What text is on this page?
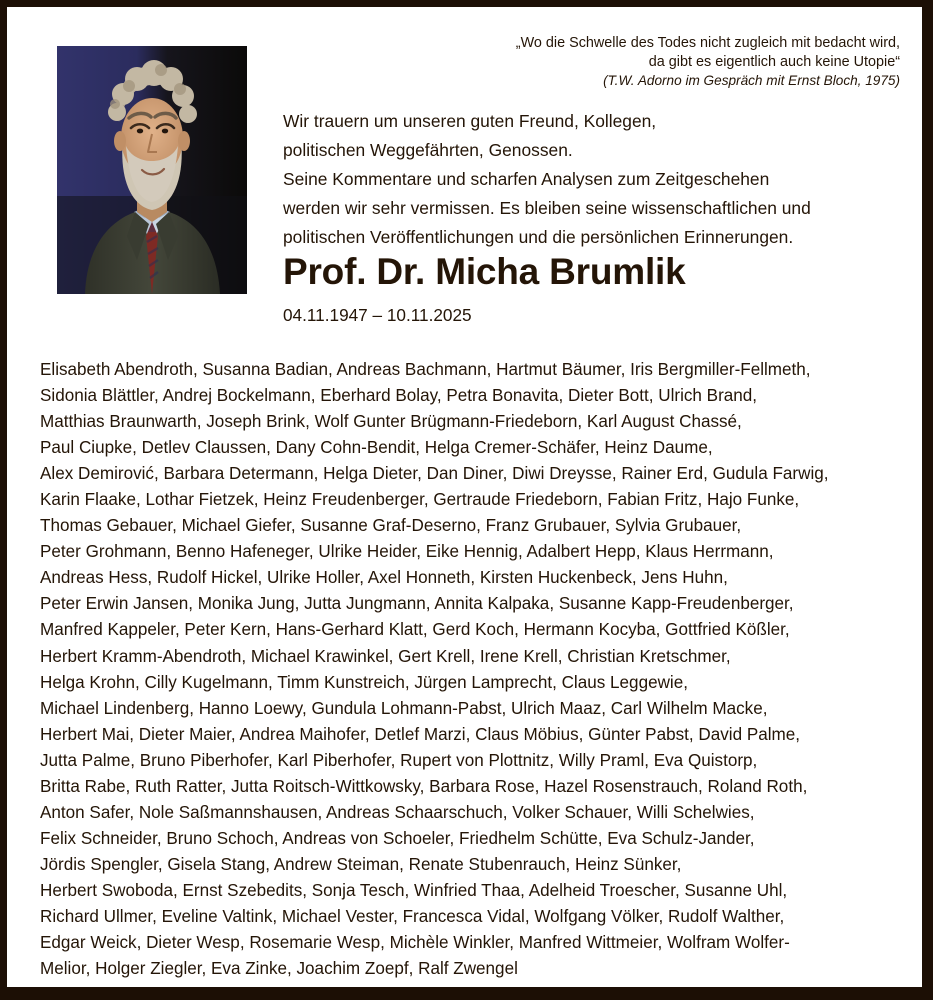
„Wo die Schwelle des Todes nicht zugleich mit bedacht wird,
da gibt es eigentlich auch keine Utopie“
(T.W. Adorno im Gespräch mit Ernst Bloch, 1975)

Wir trauern um unseren guten Freund, Kollegen,

politischen Weggefährten, Genossen.

Seine Kommentare und scharfen Analysen zum Zeitgeschehen

werden wir sehr vermissen. Es bleiben seine wissenschaftlichen und

politischen Veröffentlichungen und die persönlichen Erinnerungen.

Prof. Dr. Micha Brumlik
04.11.1947 – 10.11.2025
Elisabeth Abendroth, Susanna Badian, Andreas Bachmann, Hartmut Bäumer, Iris Bergmiller-Fellmeth,
Sidonia Blättler, Andrej Bockelmann, Eberhard Bolay, Petra Bonavita, Dieter Bott, Ulrich Brand,
Matthias Braunwarth, Joseph Brink, Wolf Gunter Brügmann-Friedeborn, Karl August Chassé,
Paul Ciupke, Detlev Claussen, Dany Cohn-Bendit, Helga Cremer-Schäfer, Heinz Daume,
Alex Demirović, Barbara Determann, Helga Dieter, Dan Diner, Diwi Dreysse, Rainer Erd, Gudula Farwig,
Karin Flaake, Lothar Fietzek, Heinz Freudenberger, Gertraude Friedeborn, Fabian Fritz, Hajo Funke,
Thomas Gebauer, Michael Giefer, Susanne Graf-Deserno, Franz Grubauer, Sylvia Grubauer,
Peter Grohmann, Benno Hafeneger, Ulrike Heider, Eike Hennig, Adalbert Hepp, Klaus Herrmann,
Andreas Hess, Rudolf Hickel, Ulrike Holler, Axel Honneth, Kirsten Huckenbeck, Jens Huhn,
Peter Erwin Jansen, Monika Jung, Jutta Jungmann, Annita Kalpaka, Susanne Kapp-Freudenberger,
Manfred Kappeler, Peter Kern, Hans-Gerhard Klatt, Gerd Koch, Hermann Kocyba, Gottfried Kößler,
Herbert Kramm-Abendroth, Michael Krawinkel, Gert Krell, Irene Krell, Christian Kretschmer,
Helga Krohn, Cilly Kugelmann, Timm Kunstreich, Jürgen Lamprecht, Claus Leggewie,
Michael Lindenberg, Hanno Loewy, Gundula Lohmann-Pabst, Ulrich Maaz, Carl Wilhelm Macke,
Herbert Mai, Dieter Maier, Andrea Maihofer, Detlef Marzi, Claus Möbius, Günter Pabst, David Palme,
Jutta Palme, Bruno Piberhofer, Karl Piberhofer, Rupert von Plottnitz, Willy Praml, Eva Quistorp,
Britta Rabe, Ruth Ratter, Jutta Roitsch-Wittkowsky, Barbara Rose, Hazel Rosenstrauch, Roland Roth,
Anton Safer, Nole Saßmannshausen, Andreas Schaarschuch, Volker Schauer, Willi Schelwies,
Felix Schneider, Bruno Schoch, Andreas von Schoeler, Friedhelm Schütte, Eva Schulz-Jander,
Jördis Spengler, Gisela Stang, Andrew Steiman, Renate Stubenrauch, Heinz Sünker,
Herbert Swoboda, Ernst Szebedits, Sonja Tesch, Winfried Thaa, Adelheid Troescher, Susanne Uhl,
Richard Ullmer, Eveline Valtink, Michael Vester, Francesca Vidal, Wolfgang Völker, Rudolf Walther,
Edgar Weick, Dieter Wesp, Rosemarie Wesp, Michèle Winkler, Manfred Wittmeier, Wolfram Wolfer-
Melior, Holger Ziegler, Eva Zinke, Joachim Zoepf, Ralf Zwengel
